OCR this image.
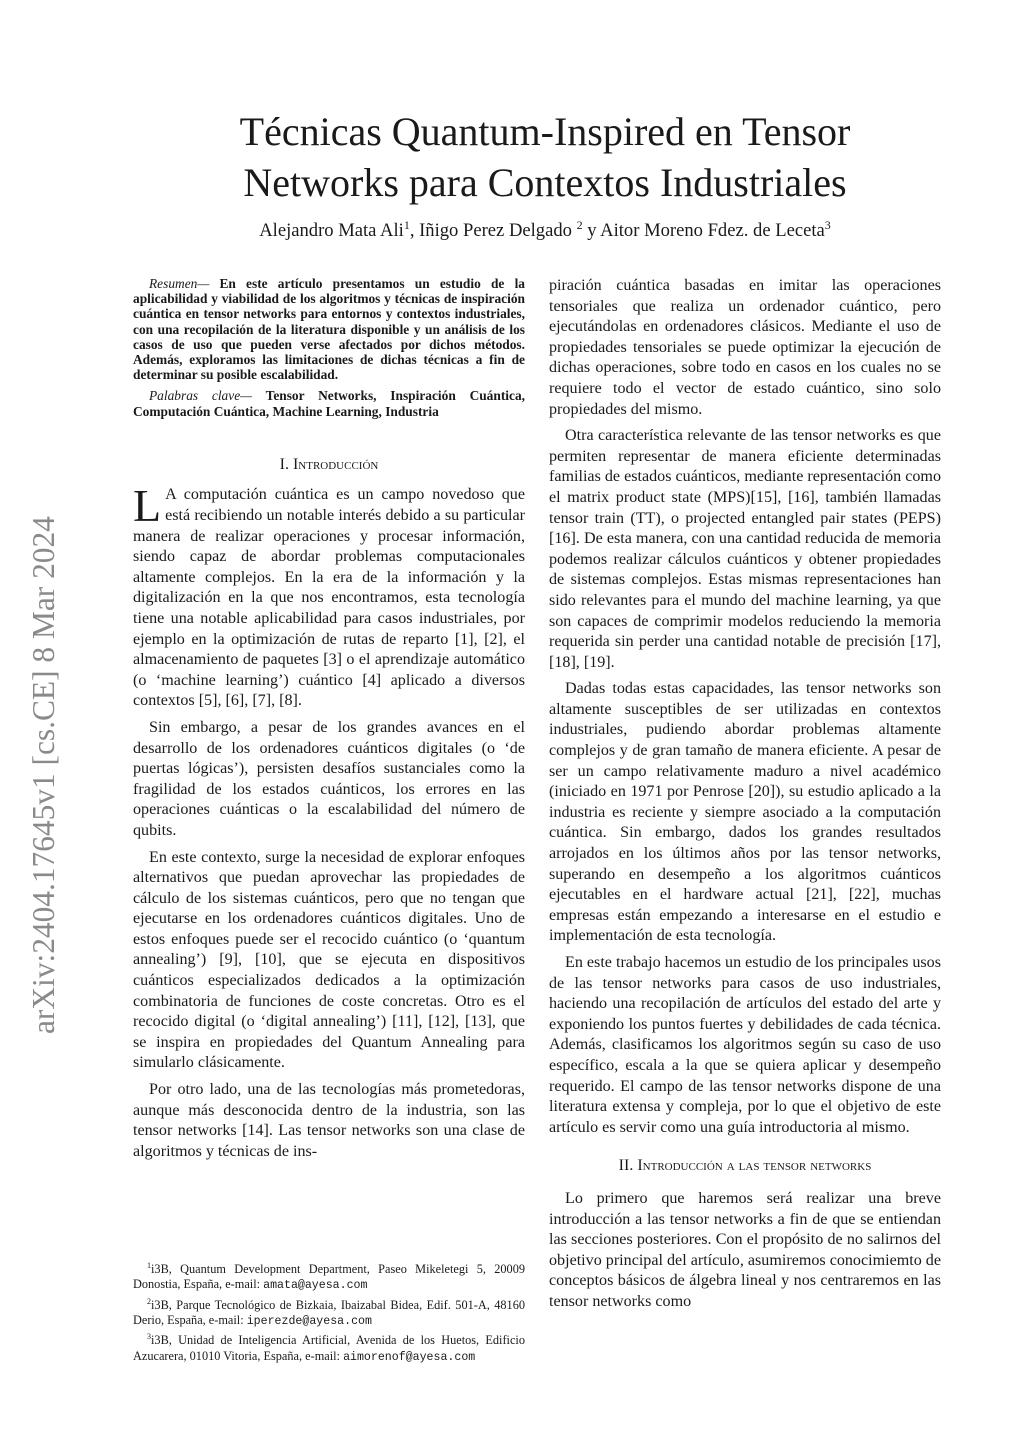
arXiv:2404.17645v1 [cs.CE] 8 Mar 2024
Técnicas Quantum-Inspired en Tensor
Networks para Contextos Industriales
Alejandro Mata Ali$^1$, Iñigo Perez Delgado $^2$ y Aitor Moreno Fdez. de Leceta$^3$

Resumen— En este artículo presentamos un estudio de la aplicabilidad y viabilidad de los algoritmos y técnicas de inspiración cuántica en tensor networks para entornos y contextos industriales, con una recopilación de la literatura disponible y un análisis de los casos de uso que pueden verse afectados por dichos métodos. Además, exploramos las limitaciones de dichas técnicas a fin de determinar su posible escalabilidad.

Palabras clave— Tensor Networks, Inspiración Cuántica, Computación Cuántica, Machine Learning, Industria

I. Introducción

L A computación cuántica es un campo novedoso que está recibiendo un notable interés debido a su particular manera de realizar operaciones y procesar información, siendo capaz de abordar problemas computacionales altamente complejos. En la era de la información y la digitalización en la que nos encontramos, esta tecnología tiene una notable aplicabilidad para casos industriales, por ejemplo en la optimización de rutas de reparto [1], [2], el almacenamiento de paquetes [3] o el aprendizaje automático (o ‘machine learning’) cuántico [4] aplicado a diversos contextos [5], [6], [7], [8].

Sin embargo, a pesar de los grandes avances en el desarrollo de los ordenadores cuánticos digitales (o ‘de puertas lógicas’), persisten desafíos sustanciales como la fragilidad de los estados cuánticos, los errores en las operaciones cuánticas o la escalabilidad del número de qubits.

En este contexto, surge la necesidad de explorar enfoques alternativos que puedan aprovechar las propiedades de cálculo de los sistemas cuánticos, pero que no tengan que ejecutarse en los ordenadores cuánticos digitales. Uno de estos enfoques puede ser el recocido cuántico (o ‘quantum annealing’) [9], [10], que se ejecuta en dispositivos cuánticos especializados dedicados a la optimización combinatoria de funciones de coste concretas. Otro es el recocido digital (o ‘digital annealing’) [11], [12], [13], que se inspira en propiedades del Quantum Annealing para simularlo clásicamente.

Por otro lado, una de las tecnologías más prometedoras, aunque más desconocida dentro de la industria, son las tensor networks [14]. Las tensor networks son una clase de algoritmos y técnicas de ins-

$^1$i3B, Quantum Development Department, Paseo Mikeletegi 5, 20009 Donostia, España, e-mail: amata@ayesa.com

$^2$i3B, Parque Tecnológico de Bizkaia, Ibaizabal Bidea, Edif. 501-A, 48160 Derio, España, e-mail: iperezde@ayesa.com

$^3$i3B, Unidad de Inteligencia Artificial, Avenida de los Huetos, Edificio Azucarera, 01010 Vitoria, España, e-mail: aimorenof@ayesa.com

piración cuántica basadas en imitar las operaciones tensoriales que realiza un ordenador cuántico, pero ejecutándolas en ordenadores clásicos. Mediante el uso de propiedades tensoriales se puede optimizar la ejecución de dichas operaciones, sobre todo en casos en los cuales no se requiere todo el vector de estado cuántico, sino solo propiedades del mismo.

Otra característica relevante de las tensor networks es que permiten representar de manera eficiente determinadas familias de estados cuánticos, mediante representación como el matrix product state (MPS)[15], [16], también llamadas tensor train (TT), o projected entangled pair states (PEPS) [16]. De esta manera, con una cantidad reducida de memoria podemos realizar cálculos cuánticos y obtener propiedades de sistemas complejos. Estas mismas representaciones han sido relevantes para el mundo del machine learning, ya que son capaces de comprimir modelos reduciendo la memoria requerida sin perder una cantidad notable de precisión [17], [18], [19].

Dadas todas estas capacidades, las tensor networks son altamente susceptibles de ser utilizadas en contextos industriales, pudiendo abordar problemas altamente complejos y de gran tamaño de manera eficiente. A pesar de ser un campo relativamente maduro a nivel académico (iniciado en 1971 por Penrose [20]), su estudio aplicado a la industria es reciente y siempre asociado a la computación cuántica. Sin embargo, dados los grandes resultados arrojados en los últimos años por las tensor networks, superando en desempeño a los algoritmos cuánticos ejecutables en el hardware actual [21], [22], muchas empresas están empezando a interesarse en el estudio e implementación de esta tecnología.

En este trabajo hacemos un estudio de los principales usos de las tensor networks para casos de uso industriales, haciendo una recopilación de artículos del estado del arte y exponiendo los puntos fuertes y debilidades de cada técnica. Además, clasificamos los algoritmos según su caso de uso específico, escala a la que se quiera aplicar y desempeño requerido. El campo de las tensor networks dispone de una literatura extensa y compleja, por lo que el objetivo de este artículo es servir como una guía introductoria al mismo.

II. Introducción a las tensor networks

Lo primero que haremos será realizar una breve introducción a las tensor networks a fin de que se entiendan las secciones posteriores. Con el propósito de no salirnos del objetivo principal del artículo, asumiremos conocimiemto de conceptos básicos de álgebra lineal y nos centraremos en las tensor networks como
